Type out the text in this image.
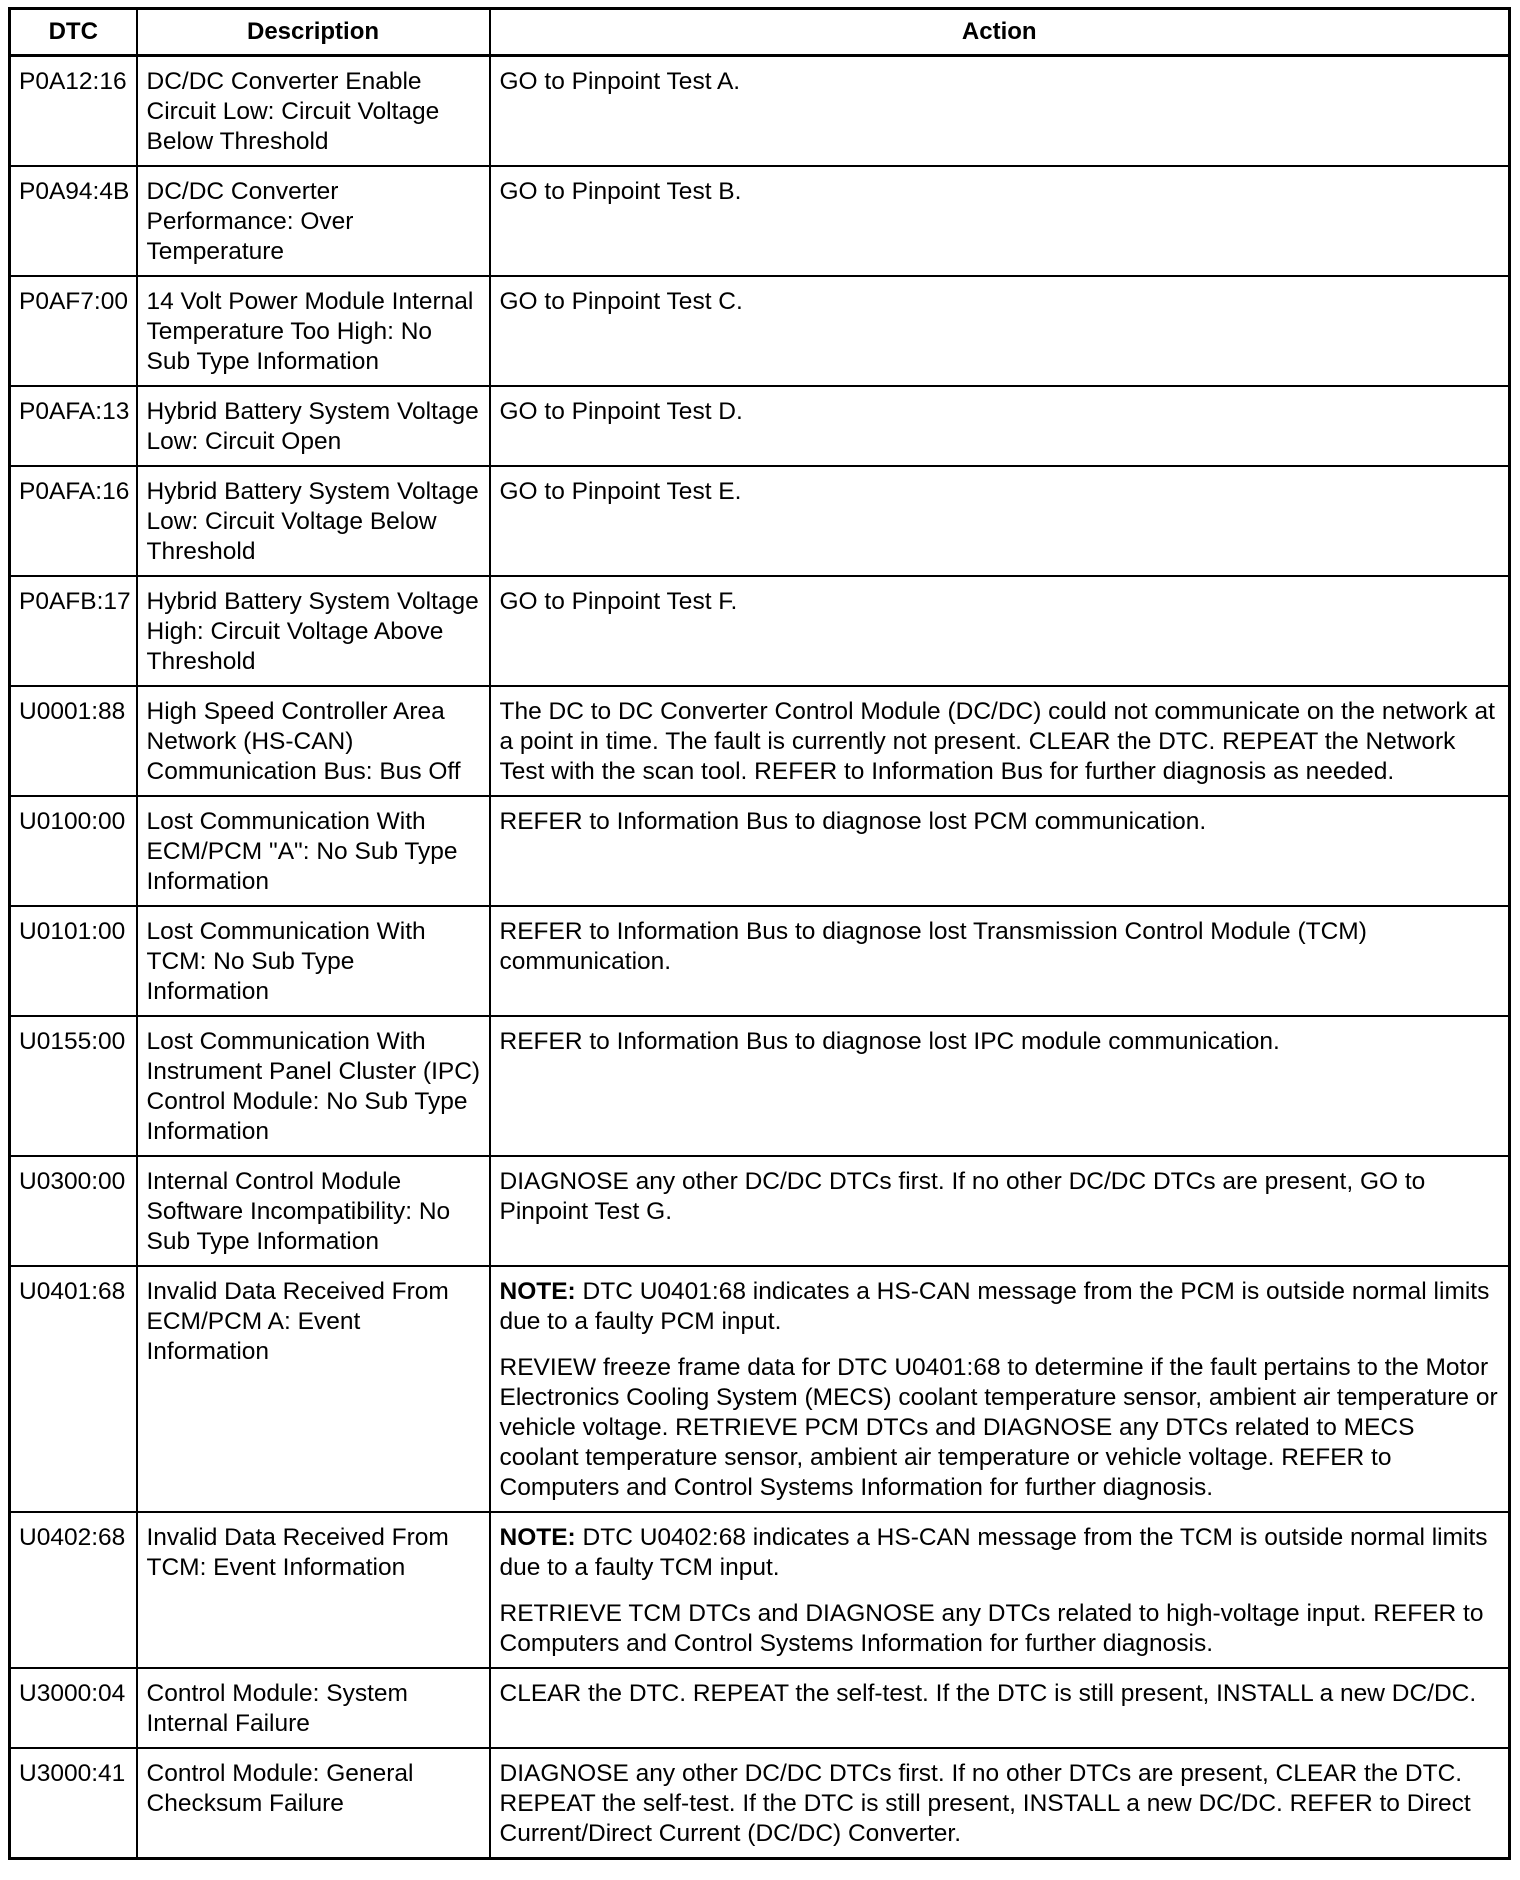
DTC	Description	Action
P0A12:16	DC/DC Converter Enable Circuit Low: Circuit Voltage Below Threshold	GO to Pinpoint Test A.
P0A94:4B	DC/DC Converter Performance: Over Temperature	GO to Pinpoint Test B.
P0AF7:00	14 Volt Power Module Internal Temperature Too High: No Sub Type Information	GO to Pinpoint Test C.
P0AFA:13	Hybrid Battery System Voltage Low: Circuit Open	GO to Pinpoint Test D.
P0AFA:16	Hybrid Battery System Voltage Low: Circuit Voltage Below Threshold	GO to Pinpoint Test E.
P0AFB:17	Hybrid Battery System Voltage High: Circuit Voltage Above Threshold	GO to Pinpoint Test F.
U0001:88	High Speed Controller Area Network (HS-CAN) Communication Bus: Bus Off	The DC to DC Converter Control Module (DC/DC) could not communicate on the network at a point in time. The fault is currently not present. CLEAR the DTC. REPEAT the Network Test with the scan tool. REFER to Information Bus for further diagnosis as needed.
U0100:00	Lost Communication With ECM/PCM "A": No Sub Type Information	REFER to Information Bus to diagnose lost PCM communication.
U0101:00	Lost Communication With TCM: No Sub Type Information	REFER to Information Bus to diagnose lost Transmission Control Module (TCM) communication.
U0155:00	Lost Communication With Instrument Panel Cluster (IPC) Control Module: No Sub Type Information	REFER to Information Bus to diagnose lost IPC module communication.
U0300:00	Internal Control Module Software Incompatibility: No Sub Type Information	DIAGNOSE any other DC/DC DTCs first. If no other DC/DC DTCs are present, GO to Pinpoint Test G.
U0401:68	Invalid Data Received From ECM/PCM A: Event Information	NOTE: DTC U0401:68 indicates a HS-CAN message from the PCM is outside normal limits due to a faulty PCM input.
REVIEW freeze frame data for DTC U0401:68 to determine if the fault pertains to the Motor Electronics Cooling System (MECS) coolant temperature sensor, ambient air temperature or vehicle voltage. RETRIEVE PCM DTCs and DIAGNOSE any DTCs related to MECS coolant temperature sensor, ambient air temperature or vehicle voltage. REFER to Computers and Control Systems Information for further diagnosis.

U0402:68	Invalid Data Received From TCM: Event Information	NOTE: DTC U0402:68 indicates a HS-CAN message from the TCM is outside normal limits due to a faulty TCM input.
RETRIEVE TCM DTCs and DIAGNOSE any DTCs related to high-voltage input. REFER to Computers and Control Systems Information for further diagnosis.

U3000:04	Control Module: System Internal Failure	CLEAR the DTC. REPEAT the self-test. If the DTC is still present, INSTALL a new DC/DC.
U3000:41	Control Module: General Checksum Failure	DIAGNOSE any other DC/DC DTCs first. If no other DTCs are present, CLEAR the DTC. REPEAT the self-test. If the DTC is still present, INSTALL a new DC/DC. REFER to Direct Current/Direct Current (DC/DC) Converter.
